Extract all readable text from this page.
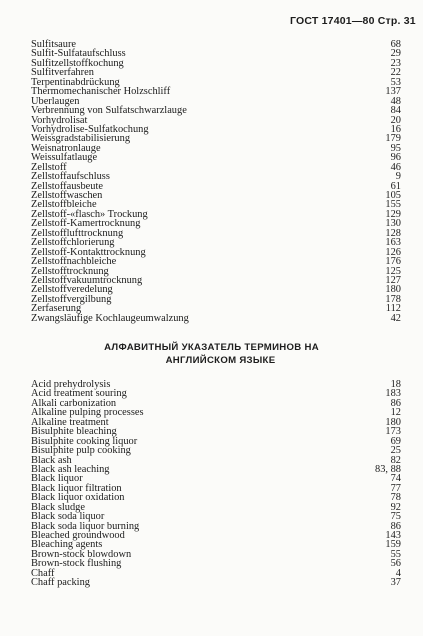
ГОСТ 17401—80 Стр. 31
Sulfitsaure	68
Sulfit-Sulfataufschluss	29
Sulfitzellstoffkochung	23
Sulfitverfahren	22
Terpentinabdrückung	53
Thermomechanischer Holzschliff	137
Uberlaugen	48
Verbrennung von Sulfatschwarzlauge	84
Vorhydrolisat	20
Vorhydrolise-Sulfatkochung	16
Weissgradstabilisierung	179
Weisnatronlauge	95
Weissulfatlauge	96
Zellstoff	46
Zellstoffaufschluss	9
Zellstoffausbeute	61
Zellstoffwaschen	105
Zellstoffbleiche	155
Zellstoff-«flasch» Trockung	129
Zellstoff-Kamertrocknung	130
Zellstofflufttrocknung	128
Zellstoffchlorierung	163
Zellstoff-Kontakttrocknung	126
Zellstoffnachbleiche	176
Zellstofftrocknung	125
Zellstoffvakuumtrocknung	127
Zellstoffveredelung	180
Zellstoffvergilbung	178
Zerfaserung	112
Zwangsläufige Kochlaugeumwalzung	42
АЛФАВИТНЫЙ УКАЗАТЕЛЬ ТЕРМИНОВ НА
АНГЛИЙСКОМ ЯЗЫКЕ
Acid prehydrolysis	18
Acid treatment souring	183
Alkali carbonization	86
Alkaline pulping processes	12
Alkaline treatment	180
Bisulphite bleaching	173
Bisulphite cooking liquor	69
Bisulphite pulp cooking	25
Black ash	82
Black ash leaching	83, 88
Black liquor	74
Black liquor filtration	77
Black liquor oxidation	78
Black sludge	92
Black soda liquor	75
Black soda liquor burning	86
Bleached groundwood	143
Bleaching agents	159
Brown-stock blowdown	55
Brown-stock flushing	56
Chaff	4
Chaff packing	37
